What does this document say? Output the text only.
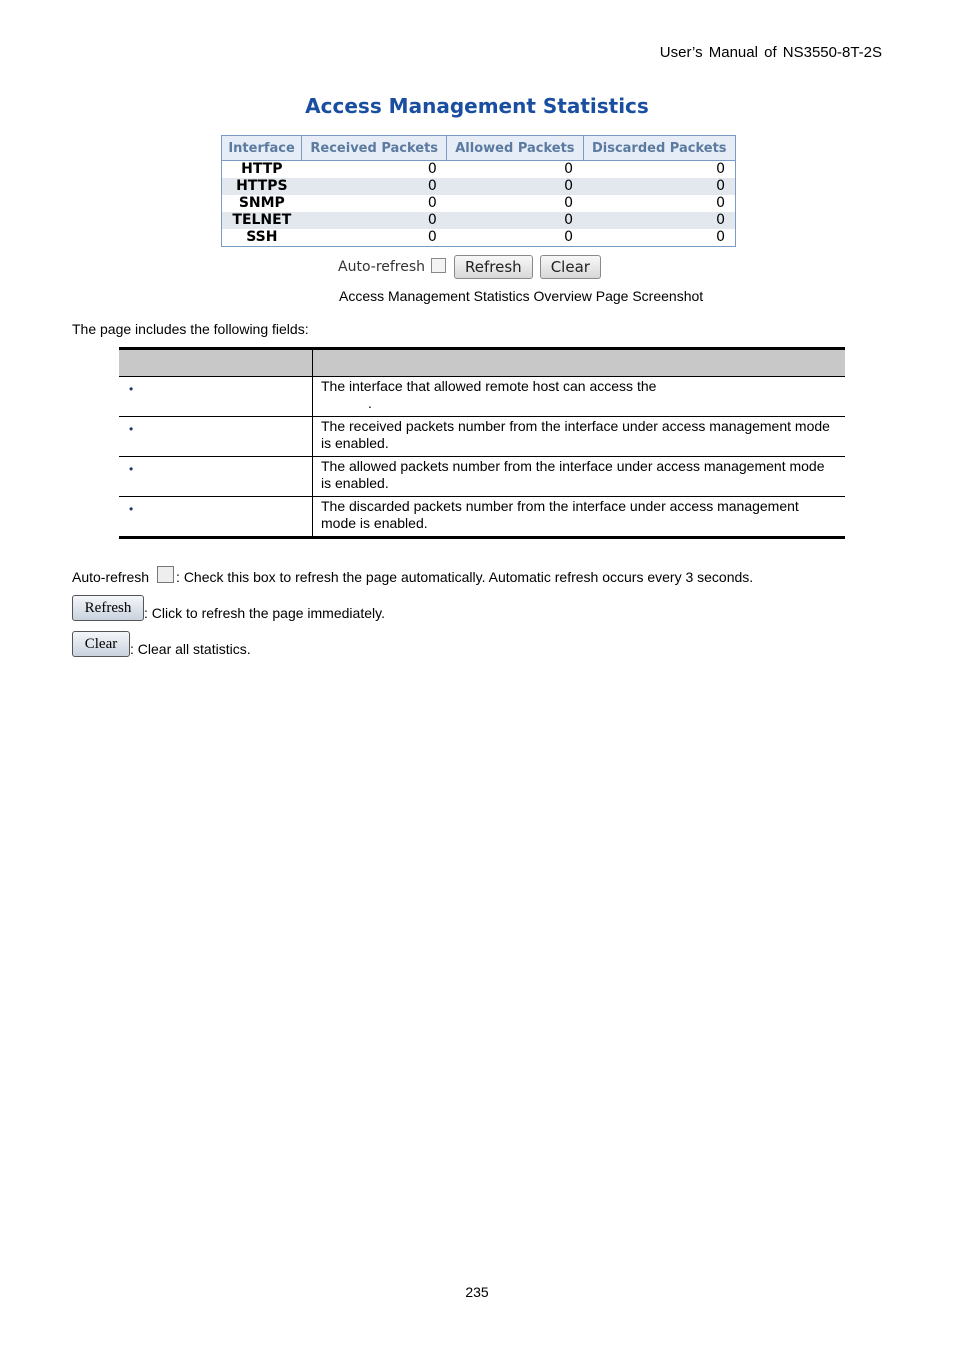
User’s Manual of NS3550-8T-2S
Access Management Statistics
Interface	Received Packets	Allowed Packets	Discarded Packets
HTTP	0	0	0
HTTPS	0	0	0
SNMP	0	0	0
TELNET	0	0	0
SSH	0	0	0
Auto-refresh	Refresh	Clear
Access Management Statistics Overview Page Screenshot
The page includes the following fields:

•	The interface that allowed remote host can access the
.

•	The received packets number from the interface under access management mode is enabled.
•	The allowed packets number from the interface under access management mode is enabled.
•	The discarded packets number from the interface under access management mode is enabled.
Auto-refresh : Check this box to refresh the page automatically. Automatic refresh occurs every 3 seconds.
Refresh : Click to refresh the page immediately.
Clear : Clear all statistics.
235
